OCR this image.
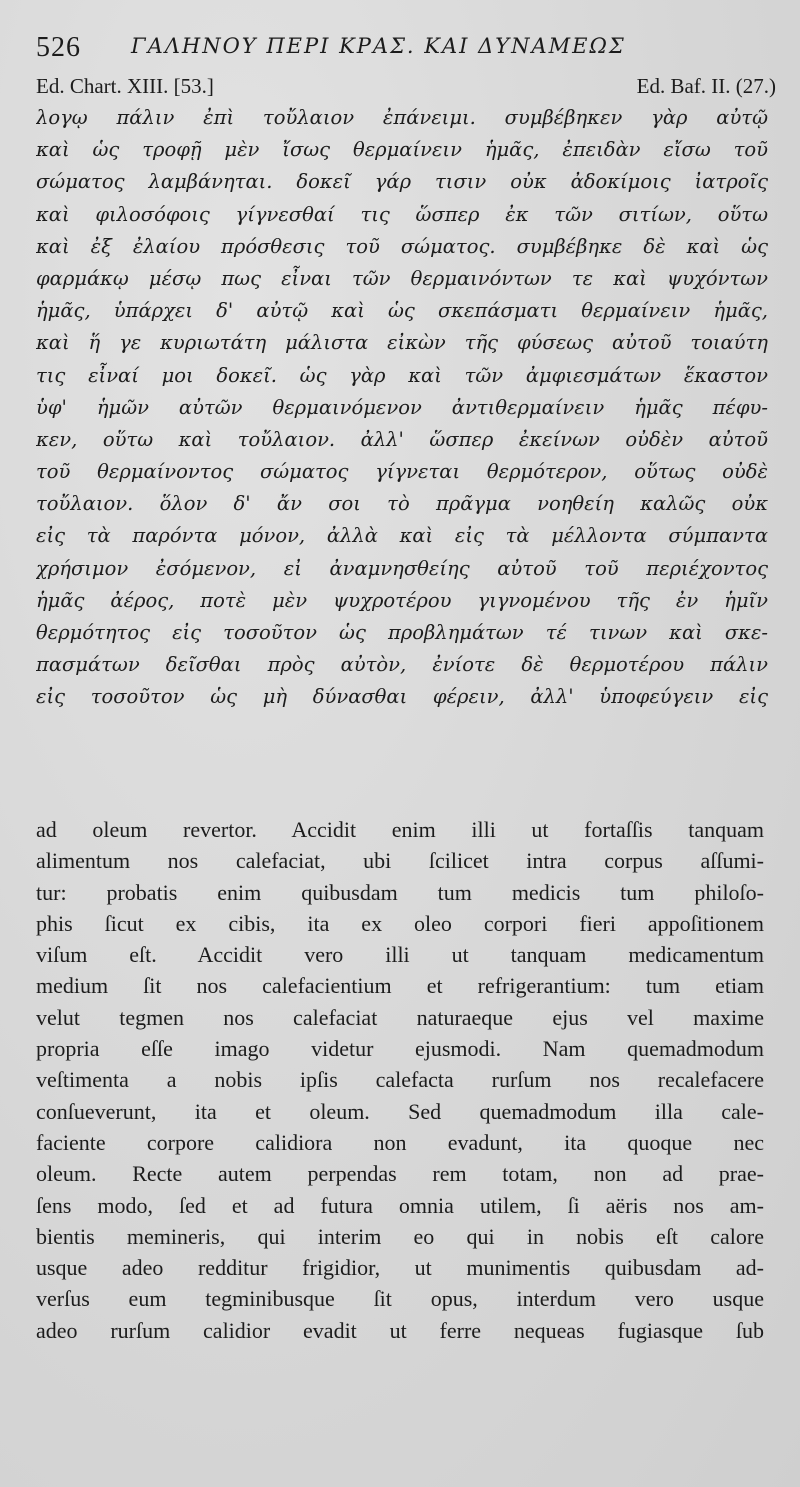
526 ΓΑΛΗΝΟΥ ΠΕΡΙ ΚΡΑΣ. ΚΑΙ ΔΥΝΑΜΕΩΣ
Ed. Chart. XIII. [53.]	Ed. Baf. II. (27.)
λογῳ πάλιν ἐπὶ τοὔλαιον ἐπάνειμι. συμβέβηκεν γὰρ αὐτῷ
καὶ ὡς τροφῇ μὲν ἴσως θερμαίνειν ἡμᾶς, ἐπειδὰν εἴσω τοῦ
σώματος λαμβάνηται. δοκεῖ γάρ τισιν οὐκ ἀδοκίμοις ἰατροῖς
καὶ φιλοσόφοις γίγνεσθαί τις ὥσπερ ἐκ τῶν σιτίων, οὕτω
καὶ ἐξ ἐλαίου πρόσθεσις τοῦ σώματος. συμβέβηκε δὲ καὶ ὡς
φαρμάκῳ μέσῳ πως εἶναι τῶν θερμαινόντων τε καὶ ψυχόντων
ἡμᾶς, ὑπάρχει δ' αὐτῷ καὶ ὡς σκεπάσματι θερμαίνειν ἡμᾶς,
καὶ ἥ γε κυριωτάτη μάλιστα εἰκὼν τῆς φύσεως αὐτοῦ τοιαύτη
τις εἶναί μοι δοκεῖ. ὡς γὰρ καὶ τῶν ἀμφιεσμάτων ἕκαστον
ὑφ' ἡμῶν αὐτῶν θερμαινόμενον ἀντιθερμαίνειν ἡμᾶς πέφυ-
κεν, οὕτω καὶ τοὔλαιον. ἀλλ' ὥσπερ ἐκείνων οὐδὲν αὐτοῦ
τοῦ θερμαίνοντος σώματος γίγνεται θερμότερον, οὕτως οὐδὲ
τοὔλαιον. ὅλον δ' ἄν σοι τὸ πρᾶγμα νοηθείη καλῶς οὐκ
εἰς τὰ παρόντα μόνον, ἀλλὰ καὶ εἰς τὰ μέλλοντα σύμπαντα
χρήσιμον ἐσόμενον, εἰ ἀναμνησθείης αὐτοῦ τοῦ περιέχοντος
ἡμᾶς ἀέρος, ποτὲ μὲν ψυχροτέρου γιγνομένου τῆς ἐν ἡμῖν
θερμότητος εἰς τοσοῦτον ὡς προβλημάτων τέ τινων καὶ σκε-
πασμάτων δεῖσθαι πρὸς αὐτὸν, ἐνίοτε δὲ θερμοτέρου πάλιν
εἰς τοσοῦτον ὡς μὴ δύνασθαι φέρειν, ἀλλ' ὑποφεύγειν εἰς
ad oleum revertor. Accidit enim illi ut fortaſſis tanquam
alimentum nos calefaciat, ubi ſcilicet intra corpus aſſumi-
tur: probatis enim quibusdam tum medicis tum philoſo-
phis ſicut ex cibis, ita ex oleo corpori fieri appoſitionem
viſum eſt. Accidit vero illi ut tanquam medicamentum
medium ſit nos calefacientium et refrigerantium: tum etiam
velut tegmen nos calefaciat naturaeque ejus vel maxime
propria eſſe imago videtur ejusmodi. Nam quemadmodum
veſtimenta a nobis ipſis calefacta rurſum nos recalefacere
conſueverunt, ita et oleum. Sed quemadmodum illa cale-
faciente corpore calidiora non evadunt, ita quoque nec
oleum. Recte autem perpendas rem totam, non ad prae-
ſens modo, ſed et ad futura omnia utilem, ſi aëris nos am-
bientis memineris, qui interim eo qui in nobis eſt calore
usque adeo redditur frigidior, ut munimentis quibusdam ad-
verſus eum tegminibusque ſit opus, interdum vero usque
adeo rurſum calidior evadit ut ferre nequeas fugiasque ſub
